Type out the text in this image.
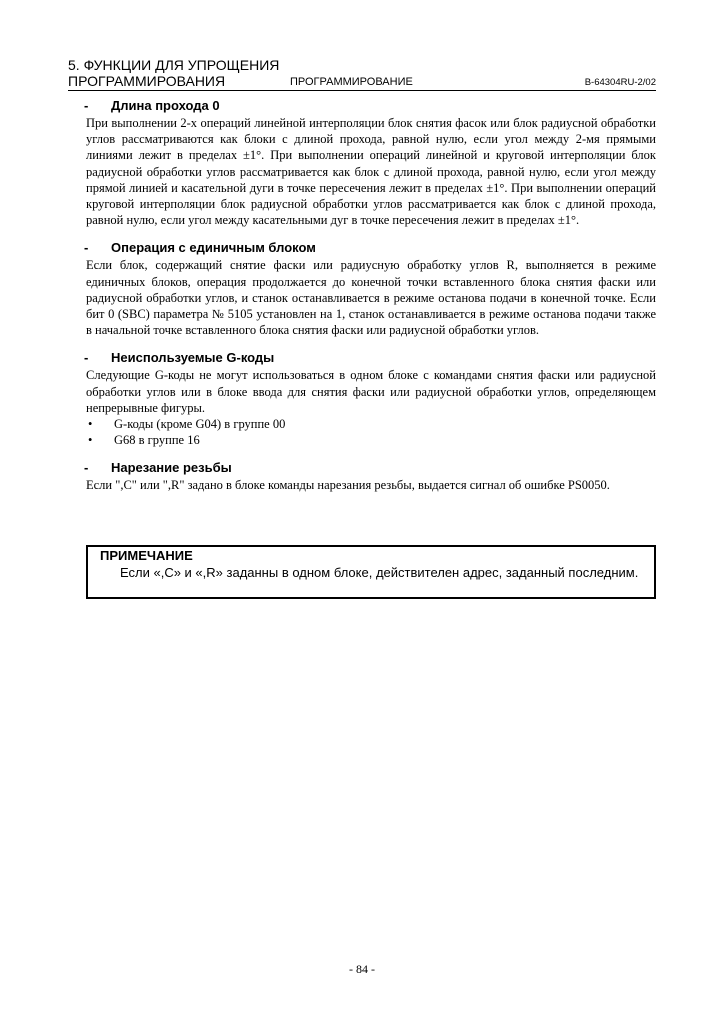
5. ФУНКЦИИ ДЛЯ УПРОЩЕНИЯ
ПРОГРАММИРОВАНИЯ	ПРОГРАММИРОВАНИЕ	B-64304RU-2/02
- Длина прохода 0

При выполнении 2-х операций линейной интерполяции блок снятия фасок или блок радиусной обработки углов рассматриваются как блоки с длиной прохода, равной нулю, если угол между 2-мя прямыми линиями лежит в пределах ±1°. При выполнении операций линейной и круговой интерполяции блок радиусной обработки углов рассматривается как блок с длиной прохода, равной нулю, если угол между прямой линией и касательной дуги в точке пересечения лежит в пределах ±1°. При выполнении операций круговой интерполяции блок радиусной обработки углов рассматривается как блок с длиной прохода, равной нулю, если угол между касательными дуг в точке пересечения лежит в пределах ±1°.

- Операция с единичным блоком

Если блок, содержащий снятие фаски или радиусную обработку углов R, выполняется в режиме единичных блоков, операция продолжается до конечной точки вставленного блока снятия фаски или радиусной обработки углов, и станок останавливается в режиме останова подачи в конечной точке. Если бит 0 (SBC) параметра № 5105 установлен на 1, станок останавливается в режиме останова подачи также в начальной точке вставленного блока снятия фаски или радиусной обработки углов.

- Неиспользуемые G-коды

Следующие G-коды не могут использоваться в одном блоке с командами снятия фаски или радиусной обработки углов или в блоке ввода для снятия фаски или радиусной обработки углов, определяющем непрерывные фигуры.

• G-коды (кроме G04) в группе 00
• G68 в группе 16
- Нарезание резьбы

Если ",C" или ",R" задано в блоке команды нарезания резьбы, выдается сигнал об ошибке PS0050.

ПРИМЕЧАНИЕ
Если «,C» и «,R» заданны в одном блоке, действителен адрес, заданный последним.
- 84 -
